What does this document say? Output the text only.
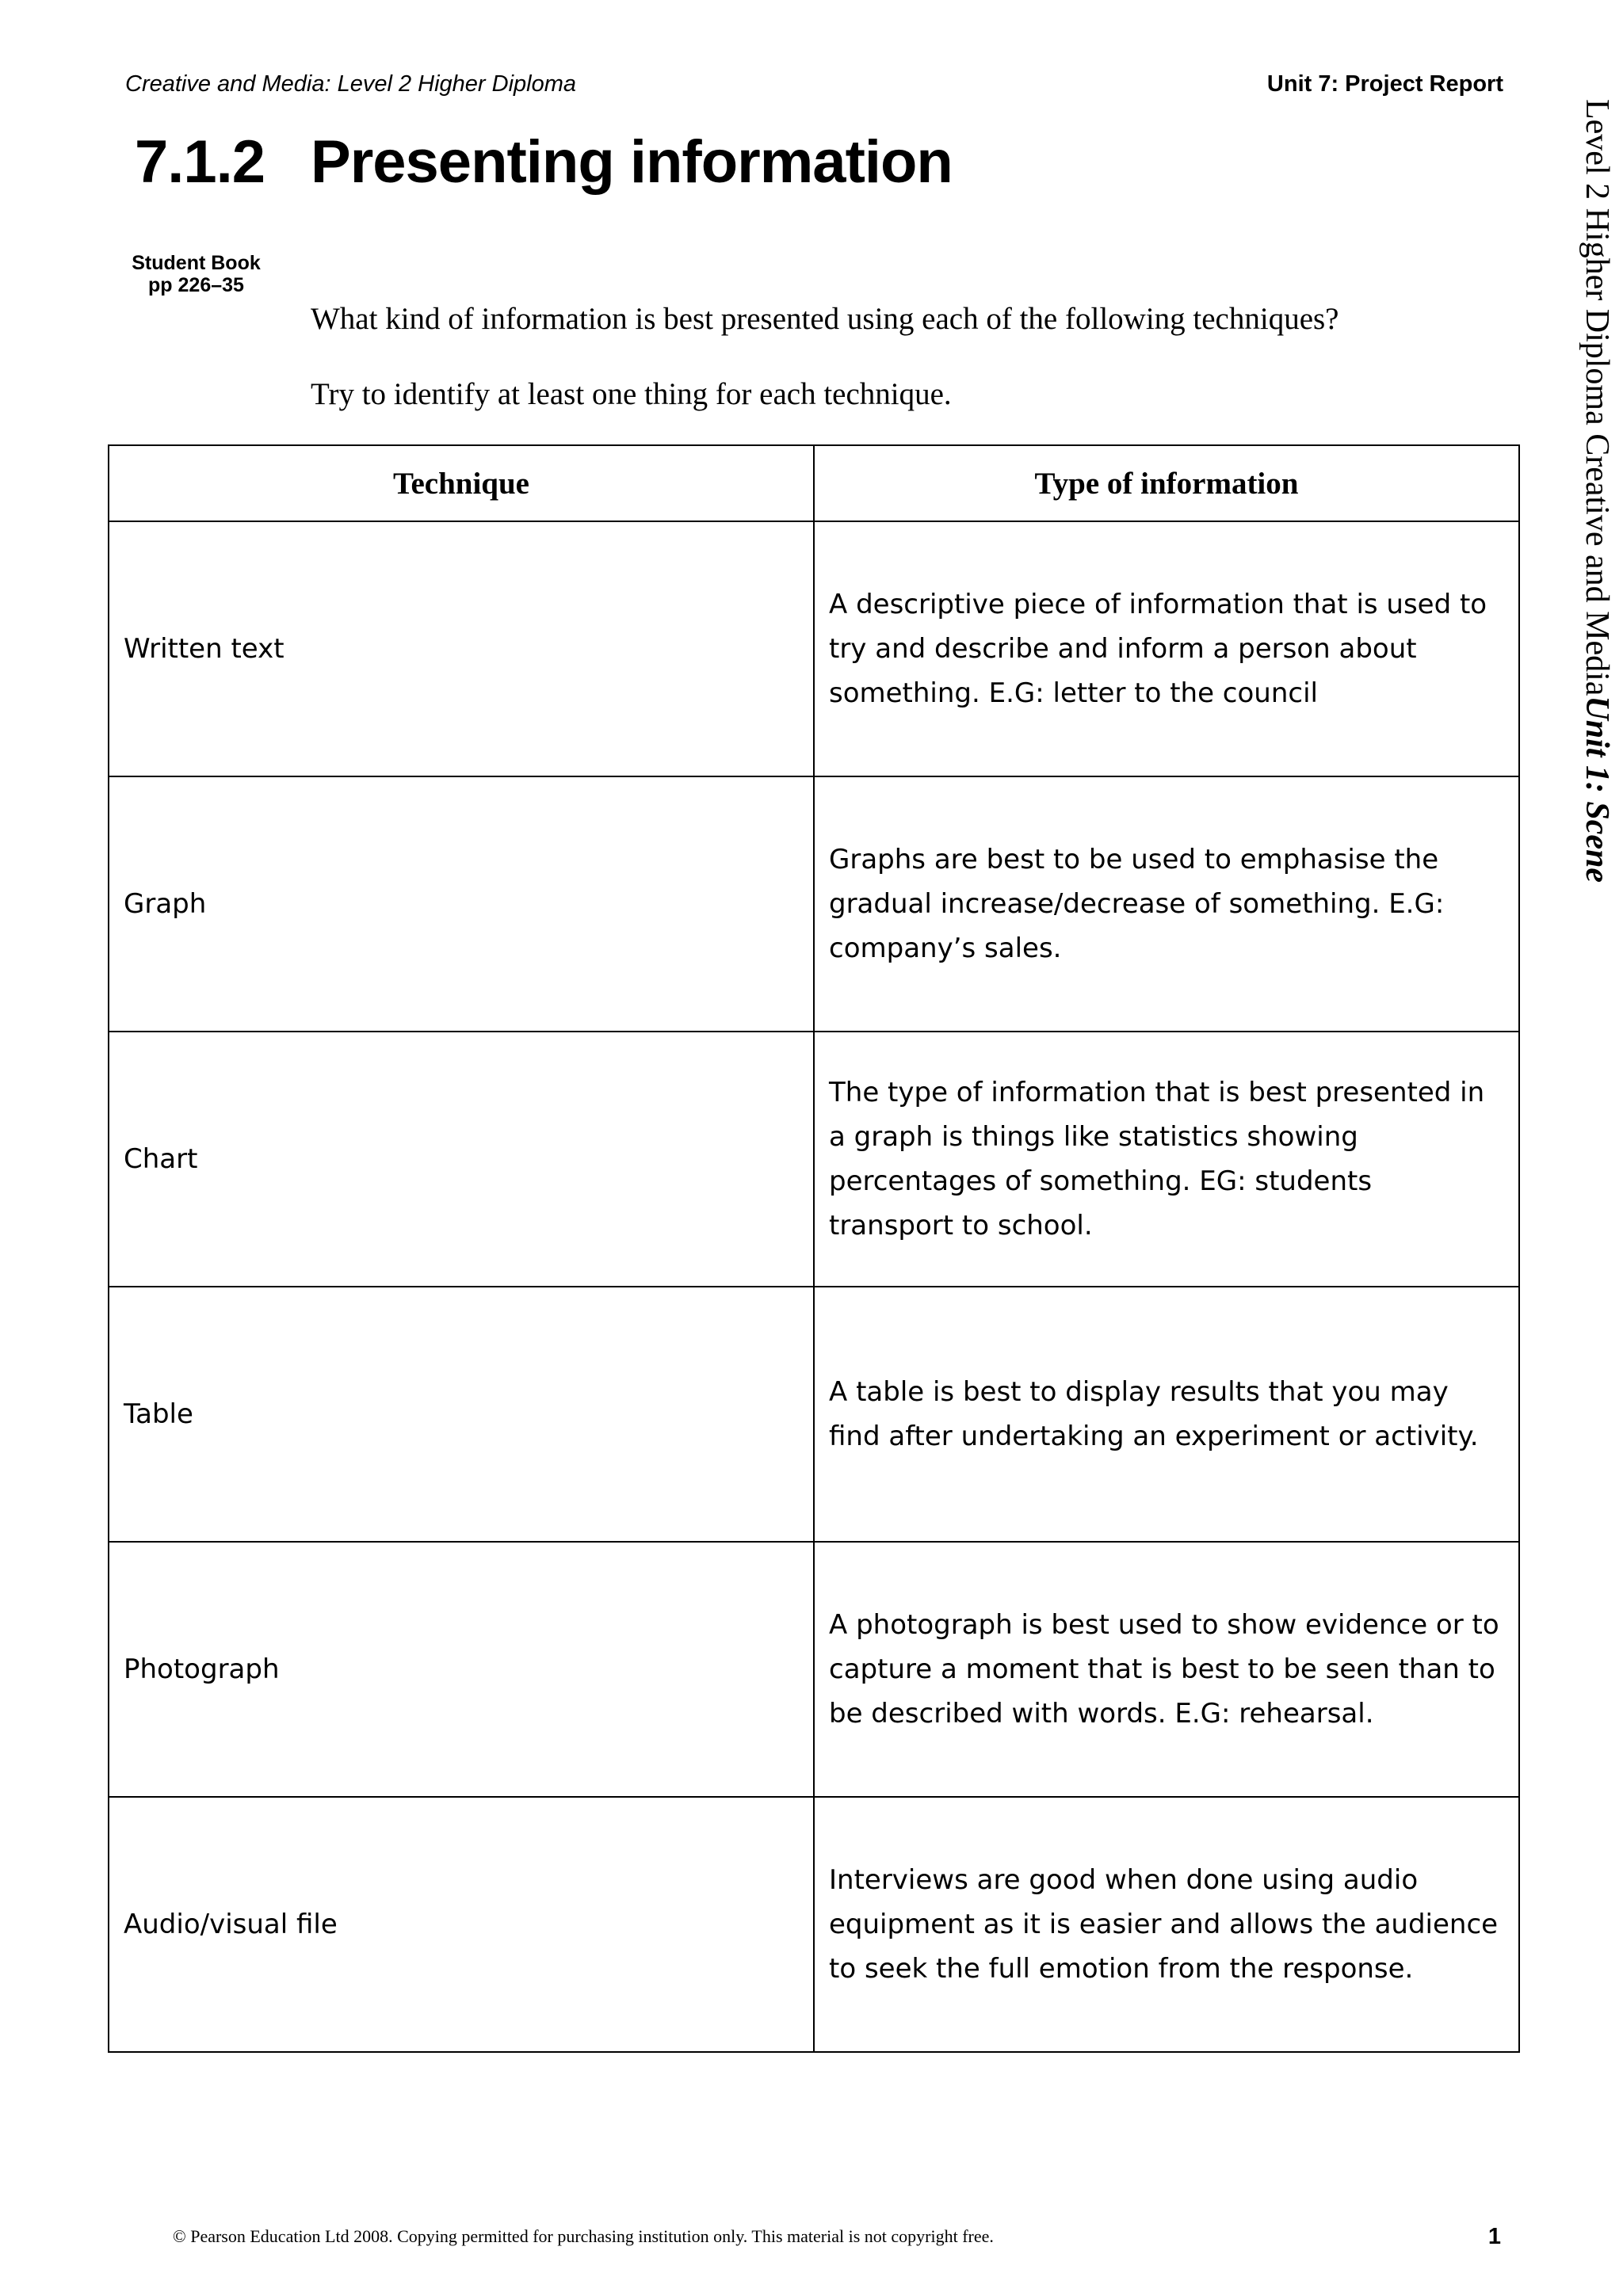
Creative and Media: Level 2 Higher Diploma	Unit 7: Project Report
Level 2 Higher Diploma Creative and MediaUnit 1: Scene
7.1.2 Presenting information
Student Book
pp 226–35
What kind of information is best presented using each of the following techniques?
Try to identify at least one thing for each technique.
Technique	Type of information
Written text	A descriptive piece of information that is used to try and describe and inform a person about something. E.G: letter to the council
Graph	Graphs are best to be used to emphasise the gradual increase/decrease of something. E.G: company’s sales.
Chart	The type of information that is best presented in a graph is things like statistics showing percentages of something. EG: students transport to school.
Table	A table is best to display results that you may find after undertaking an experiment or activity.
Photograph	A photograph is best used to show evidence or to capture a moment that is best to be seen than to be described with words. E.G: rehearsal.
Audio/visual file	Interviews are good when done using audio equipment as it is easier and allows the audience to seek the full emotion from the response.
© Pearson Education Ltd 2008. Copying permitted for purchasing institution only. This material is not copyright free.	1
